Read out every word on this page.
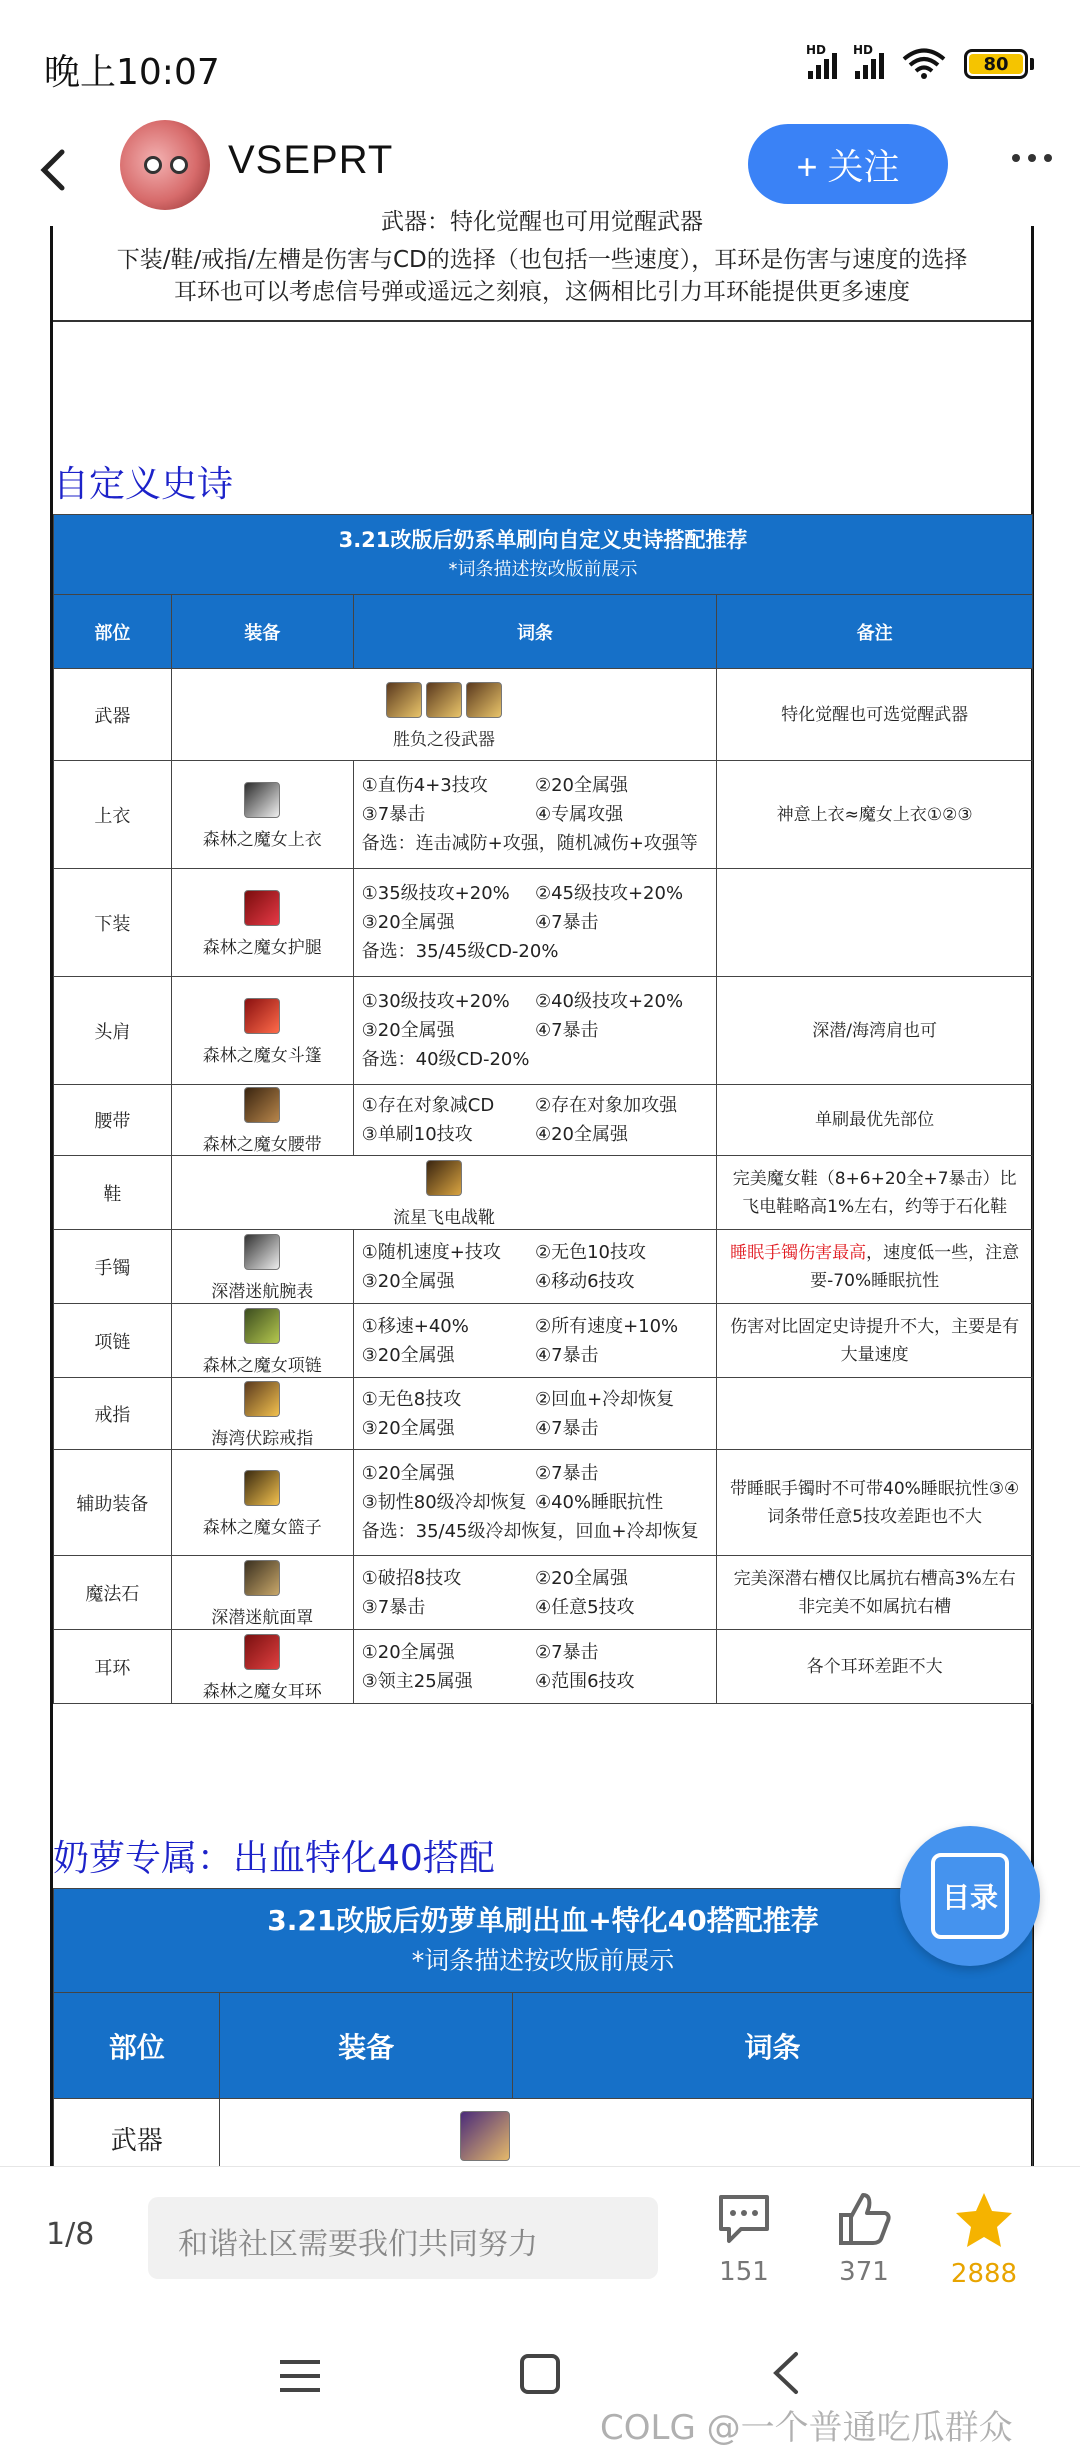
晚上10:07
HD HD
80
VSEPRT	+ 关注
武器：特化觉醒也可用觉醒武器
下装/鞋/戒指/左槽是伤害与CD的选择（也包括一些速度），耳环是伤害与速度的选择
耳环也可以考虑信号弹或遥远之刻痕，这俩相比引力耳环能提供更多速度
自定义史诗
3.21改版后奶系单刷向自定义史诗搭配推荐
*词条描述按改版前展示			

部位	装备	词条	备注
武器	胜负之役武器		特化觉醒也可选觉醒武器
上衣	森林之魔女上衣	①直伤4+3技攻 ②20全属强
③7暴击 ④专属攻强
备选：连击减防+攻强，随机减伤+攻强等	神意上衣≈魔女上衣①②③
下装	森林之魔女护腿	①35级技攻+20% ②45级技攻+20%
③20全属强 ④7暴击
备选：35/45级CD-20%	

头肩	森林之魔女斗篷	①30级技攻+20% ②40级技攻+20%
③20全属强 ④7暴击
备选：40级CD-20%	深潜/海湾肩也可
腰带	森林之魔女腰带	①存在对象减CD ②存在对象加攻强
③单刷10技攻 ④20全属强	单刷最优先部位
鞋	流星飞电战靴		完美魔女鞋（8+6+20全+7暴击）比飞电鞋略高1%左右，约等于石化鞋
手镯	深潜迷航腕表	①随机速度+技攻 ②无色10技攻
③20全属强 ④移动6技攻	睡眠手镯伤害最高，速度低一些，注意要-70%睡眠抗性
项链	森林之魔女项链	①移速+40% ②所有速度+10%
③20全属强 ④7暴击	伤害对比固定史诗提升不大，主要是有大量速度
戒指	海湾伏踪戒指	①无色8技攻 ②回血+冷却恢复
③20全属强 ④7暴击	

辅助装备	森林之魔女篮子	①20全属强 ②7暴击
③韧性80级冷却恢复 ④40%睡眠抗性
备选：35/45级冷却恢复，回血+冷却恢复	带睡眠手镯时不可带40%睡眠抗性③④词条带任意5技攻差距也不大
魔法石	深潜迷航面罩	①破招8技攻 ②20全属强
③7暴击 ④任意5技攻	完美深潜右槽仅比属抗右槽高3%左右非完美不如属抗右槽
耳环	森林之魔女耳环	①20全属强 ②7暴击
③领主25属强 ④范围6技攻	各个耳环差距不大
奶萝专属：出血特化40搭配
3.21改版后奶萝单刷出血+特化40搭配推荐
*词条描述按改版前展示		

部位	装备	词条
武器		
目录
1/8	和谐社区需要我们共同努力
151	371	2888
COLG @一个普通吃瓜群众
